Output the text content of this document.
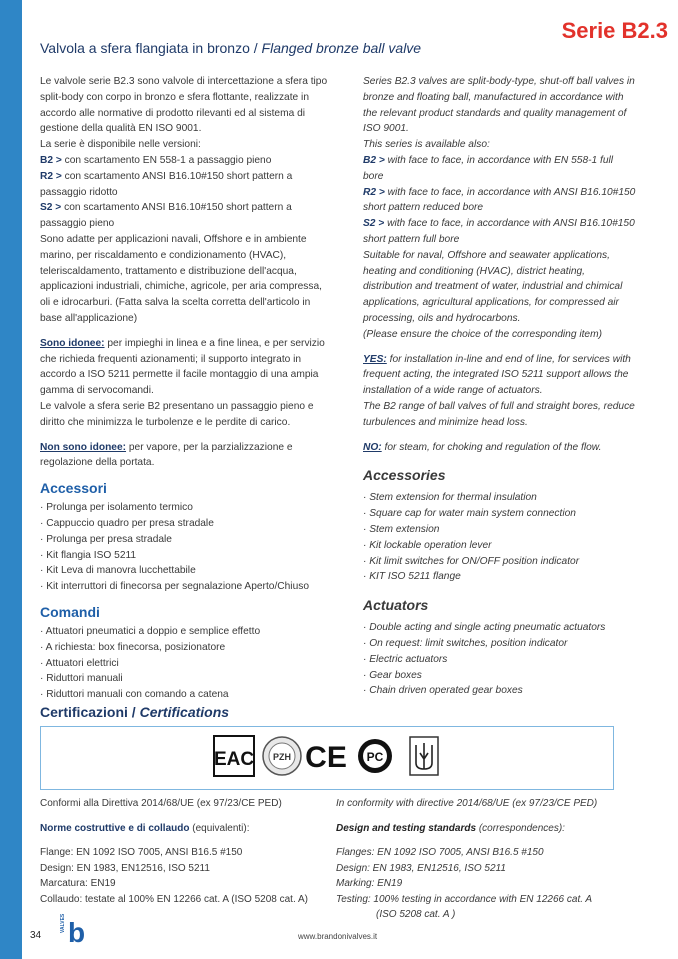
Serie B2.3
Valvola a sfera flangiata in bronzo / Flanged bronze ball valve

Le valvole serie B2.3 sono valvole di intercettazione a sfera tipo split-body con corpo in bronzo e sfera flottante, realizzate in accordo alle normative di prodotto rilevanti ed al sistema di gestione della qualità EN ISO 9001.

La serie è disponibile nelle versioni:

B2 > con scartamento EN 558-1 a passaggio pieno

R2 > con scartamento ANSI B16.10#150 short pattern a passaggio ridotto

S2 > con scartamento ANSI B16.10#150 short pattern a passaggio pieno

Sono adatte per applicazioni navali, Offshore e in ambiente marino, per riscaldamento e condizionamento (HVAC), teleriscaldamento, trattamento e distribuzione dell'acqua, applicazioni industriali, chimiche, agricole, per aria compressa, oli e idrocarburi. (Fatta salva la scelta corretta dell'articolo in base all'applicazione)

Sono idonee: per impieghi in linea e a fine linea, e per servizio che richieda frequenti azionamenti; il supporto integrato in accordo a ISO 5211 permette il facile montaggio di una ampia gamma di servocomandi.

Le valvole a sfera serie B2 presentano un passaggio pieno e diritto che minimizza le turbolenze e le perdite di carico.

Non sono idonee: per vapore, per la parzializzazione e regolazione della portata.

Accessori
· Prolunga per isolamento termico
· Cappuccio quadro per presa stradale
· Prolunga per presa stradale
· Kit flangia ISO 5211
· Kit Leva di manovra lucchettabile
· Kit interruttori di finecorsa per segnalazione Aperto/Chiuso
Comandi
· Attuatori pneumatici a doppio e semplice effetto
· A richiesta: box finecorsa, posizionatore
· Attuatori elettrici
· Riduttori manuali
· Riduttori manuali con comando a catena

Series B2.3 valves are split-body-type, shut-off ball valves in bronze and floating ball, manufactured in accordance with the relevant product standards and quality management of ISO 9001.

This series is available also:

B2 > with face to face, in accordance with EN 558-1 full bore

R2 > with face to face, in accordance with ANSI B16.10#150 short pattern reduced bore

S2 > with face to face, in accordance with ANSI B16.10#150 short pattern full bore

Suitable for naval, Offshore and seawater applications, heating and conditioning (HVAC), district heating, distribution and treatment of water, industrial and chimical applications, agricultural applications, for compressed air processing, oils and hydrocarbons.

(Please ensure the choice of the corresponding item)

YES: for installation in-line and end of line, for services with frequent acting, the integrated ISO 5211 support allows the installation of a wide range of actuators.

The B2 range of ball valves of full and straight bores, reduce turbulences and minimize head loss.

NO: for steam, for choking and regulation of the flow.

Accessories
· Stem extension for thermal insulation
· Square cap for water main system connection
· Stem extension
· Kit lockable operation lever
· Kit limit switches for ON/OFF position indicator
· KIT ISO 5211 flange
Actuators
· Double acting and single acting pneumatic actuators
· On request: limit switches, position indicator
· Electric actuators
· Gear boxes
· Chain driven operated gear boxes
Certificazioni / Certifications
EAC PZH CE PC

Conformi alla Direttiva 2014/68/UE (ex 97/23/CE PED)

Norme costruttive e di collaudo (equivalenti):

Flange: EN 1092 ISO 7005, ANSI B16.5 #150

Design: EN 1983, EN12516, ISO 5211

Marcatura: EN19

Collaudo: testate al 100% EN 12266 cat. A (ISO 5208 cat. A)

In conformity with directive 2014/68/UE (ex 97/23/CE PED)

Design and testing standards (correspondences):

Flanges: EN 1092 ISO 7005, ANSI B16.5 #150

Design: EN 1983, EN12516, ISO 5211

Marking: EN19

Testing: 100% testing in accordance with EN 12266 cat. A

(ISO 5208 cat. A )

34
VALVES b	www.brandonivalves.it
